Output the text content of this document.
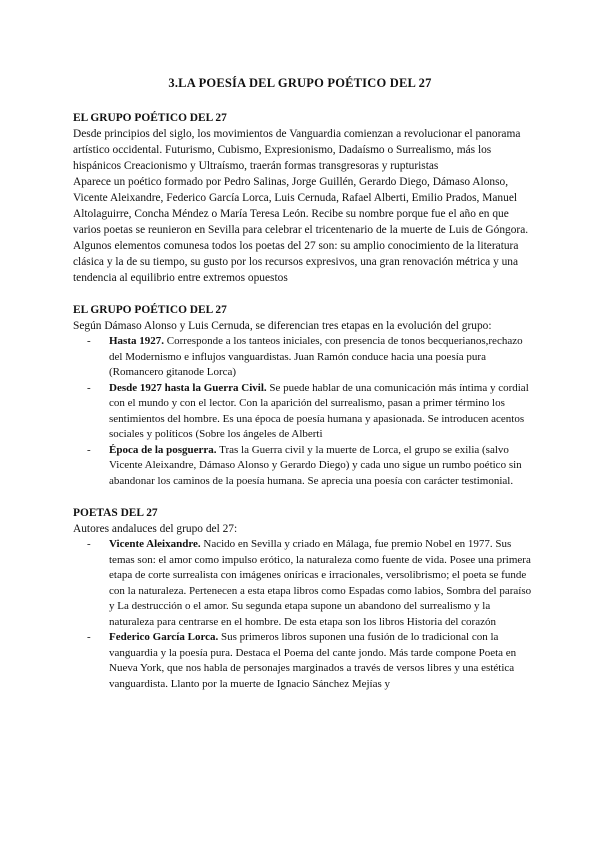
3.LA POESÍA DEL GRUPO POÉTICO DEL 27

EL GRUPO POÉTICO DEL 27

Desde principios del siglo, los movimientos de Vanguardia comienzan a revolucionar el panorama artístico occidental. Futurismo, Cubismo, Expresionismo, Dadaísmo o Surrealismo, más los hispánicos Creacionismo y Ultraísmo, traerán formas transgresoras y rupturistas

Aparece un poético formado por Pedro Salinas, Jorge Guillén, Gerardo Diego, Dámaso Alonso, Vicente Aleixandre, Federico García Lorca, Luis Cernuda, Rafael Alberti, Emilio Prados, Manuel Altolaguirre, Concha Méndez o María Teresa León. Recibe su nombre porque fue el año en que varios poetas se reunieron en Sevilla para celebrar el tricentenario de la muerte de Luis de Góngora.

Algunos elementos comunesa todos los poetas del 27 son: su amplio conocimiento de la literatura clásica y la de su tiempo, su gusto por los recursos expresivos, una gran renovación métrica y una tendencia al equilibrio entre extremos opuestos

EL GRUPO POÉTICO DEL 27

Según Dámaso Alonso y Luis Cernuda, se diferencian tres etapas en la evolución del grupo:

- Hasta 1927. Corresponde a los tanteos iniciales, con presencia de tonos becquerianos,rechazo del Modernismo e influjos vanguardistas. Juan Ramón conduce hacia una poesía pura (Romancero gitanode Lorca)
- Desde 1927 hasta la Guerra Civil. Se puede hablar de una comunicación más íntima y cordial con el mundo y con el lector. Con la aparición del surrealismo, pasan a primer término los sentimientos del hombre. Es una época de poesía humana y apasionada. Se introducen acentos sociales y políticos (Sobre los ángeles de Alberti
- Época de la posguerra. Tras la Guerra civil y la muerte de Lorca, el grupo se exilia (salvo Vicente Aleixandre, Dámaso Alonso y Gerardo Diego) y cada uno sigue un rumbo poético sin abandonar los caminos de la poesía humana. Se aprecia una poesía con carácter testimonial.

POETAS DEL 27

Autores andaluces del grupo del 27:

- Vicente Aleixandre. Nacido en Sevilla y criado en Málaga, fue premio Nobel en 1977. Sus temas son: el amor como impulso erótico, la naturaleza como fuente de vida. Posee una primera etapa de corte surrealista con imágenes oníricas e irracionales, versolibrismo; el poeta se funde con la naturaleza. Pertenecen a esta etapa libros como Espadas como labios, Sombra del paraíso y La destrucción o el amor. Su segunda etapa supone un abandono del surrealismo y la naturaleza para centrarse en el hombre. De esta etapa son los libros Historia del corazón
- Federico García Lorca. Sus primeros libros suponen una fusión de lo tradicional con la vanguardia y la poesía pura. Destaca el Poema del cante jondo. Más tarde compone Poeta en Nueva York, que nos habla de personajes marginados a través de versos libres y una estética vanguardista. Llanto por la muerte de Ignacio Sánchez Mejías y
